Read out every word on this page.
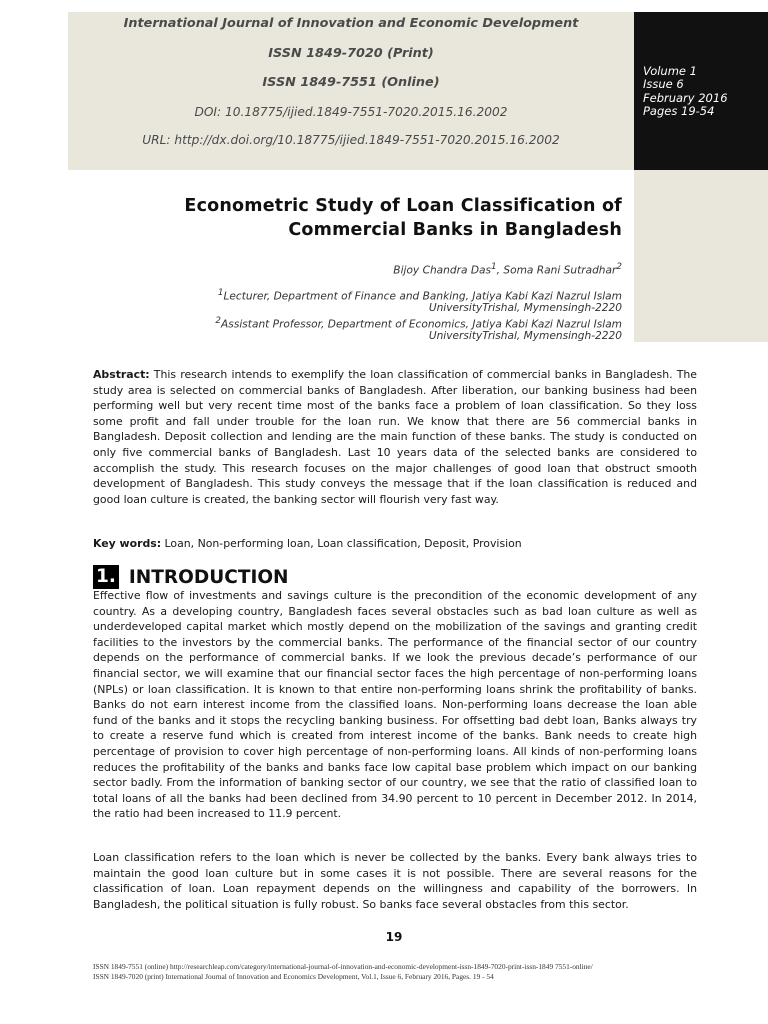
International Journal of Innovation and Economic Development
ISSN 1849-7020 (Print)
ISSN 1849-7551 (Online)
DOI: 10.18775/ijied.1849-7551-7020.2015.16.2002
URL: http://dx.doi.org/10.18775/ijied.1849-7551-7020.2015.16.2002
Volume 1
Issue 6
February 2016
Pages 19-54
Econometric Study of Loan Classification of
Commercial Banks in Bangladesh
Bijoy Chandra Das$^1$, Soma Rani Sutradhar$^2$
$^1$Lecturer, Department of Finance and Banking, Jatiya Kabi Kazi Nazrul Islam
UniversityTrishal, Mymensingh-2220
$^2$Assistant Professor, Department of Economics, Jatiya Kabi Kazi Nazrul Islam
UniversityTrishal, Mymensingh-2220
Abstract: This research intends to exemplify the loan classification of commercial banks in Bangladesh. The study area is selected on commercial banks of Bangladesh. After liberation, our banking business had been performing well but very recent time most of the banks face a problem of loan classification. So they loss some profit and fall under trouble for the loan run. We know that there are 56 commercial banks in Bangladesh. Deposit collection and lending are the main function of these banks. The study is conducted on only five commercial banks of Bangladesh. Last 10 years data of the selected banks are considered to accomplish the study. This research focuses on the major challenges of good loan that obstruct smooth development of Bangladesh. This study conveys the message that if the loan classification is reduced and good loan culture is created, the banking sector will flourish very fast way.
Key words: Loan, Non-performing loan, Loan classification, Deposit, Provision
1. INTRODUCTION
Effective flow of investments and savings culture is the precondition of the economic development of any country. As a developing country, Bangladesh faces several obstacles such as bad loan culture as well as underdeveloped capital market which mostly depend on the mobilization of the savings and granting credit facilities to the investors by the commercial banks. The performance of the financial sector of our country depends on the performance of commercial banks. If we look the previous decade’s performance of our financial sector, we will examine that our financial sector faces the high percentage of non-performing loans (NPLs) or loan classification. It is known to that entire non-performing loans shrink the profitability of banks. Banks do not earn interest income from the classified loans. Non-performing loans decrease the loan able fund of the banks and it stops the recycling banking business. For offsetting bad debt loan, Banks always try to create a reserve fund which is created from interest income of the banks. Bank needs to create high percentage of provision to cover high percentage of non-performing loans. All kinds of non-performing loans reduces the profitability of the banks and banks face low capital base problem which impact on our banking sector badly. From the information of banking sector of our country, we see that the ratio of classified loan to total loans of all the banks had been declined from 34.90 percent to 10 percent in December 2012. In 2014, the ratio had been increased to 11.9 percent.
Loan classification refers to the loan which is never be collected by the banks. Every bank always tries to maintain the good loan culture but in some cases it is not possible. There are several reasons for the classification of loan. Loan repayment depends on the willingness and capability of the borrowers. In Bangladesh, the political situation is fully robust. So banks face several obstacles from this sector.
19
ISSN 1849-7551 (online) http://researchleap.com/category/international-journal-of-innovation-and-economic-development-issn-1849-7020-print-issn-1849 7551-online/
ISSN 1849-7020 (print) International Journal of Innovation and Economics Development, Vol.1, Issue 6, February 2016, Pages. 19 - 54
